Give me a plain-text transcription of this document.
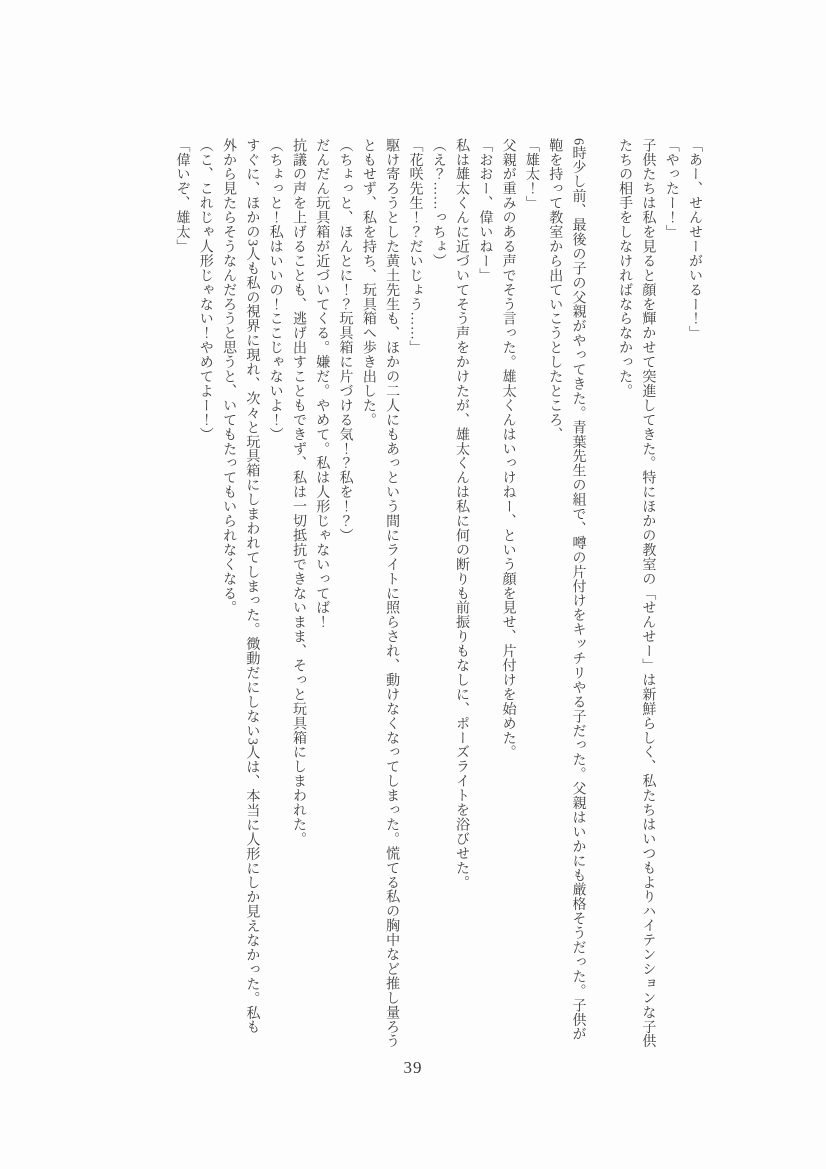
「あー、せんせーがいるー！」

「やったー！」

子供たちは私を見ると顔を輝かせて突進してきた。特にほかの教室の「せんせー」は新鮮らしく、私たちはいつもよりハイテンションな子供

たちの相手をしなければならなかった。

6時少し前、最後の子の父親がやってきた。青葉先生の組で、噂の片付けをキッチリやる子だった。父親はいかにも厳格そうだった。子供が

鞄を持って教室から出ていこうとしたところ、

「雄太！」

父親が重みのある声でそう言った。雄太くんはいっけねー、という顔を見せ、片付けを始めた。

「おおー、偉いねー」

私は雄太くんに近づいてそう声をかけたが、雄太くんは私に何の断りも前振りもなしに、ポーズライトを浴びせた。

（え？……っちょ）

「花咲先生！？だいじょう……」

駆け寄ろうとした黄土先生も、ほかの二人にもあっという間にライトに照らされ、動けなくなってしまった。慌てる私の胸中など推し量ろう

ともせず、私を持ち、玩具箱へ歩き出した。

（ちょっと、ほんとに！？玩具箱に片づける気！？私を！？）

だんだん玩具箱が近づいてくる。嫌だ。やめて。私は人形じゃないってば！

抗議の声を上げることも、逃げ出すこともできず、私は一切抵抗できないまま、そっと玩具箱にしまわれた。

（ちょっと！私はいいの！ここじゃないよ！）

すぐに、ほかの3人も私の視界に現れ、次々と玩具箱にしまわれてしまった。微動だにしない3人は、本当に人形にしか見えなかった。私も

外から見たらそうなんだろうと思うと、いてもたってもいられなくなる。

（こ、これじゃ人形じゃない！やめてよー！）

「偉いぞ、雄太」

39
